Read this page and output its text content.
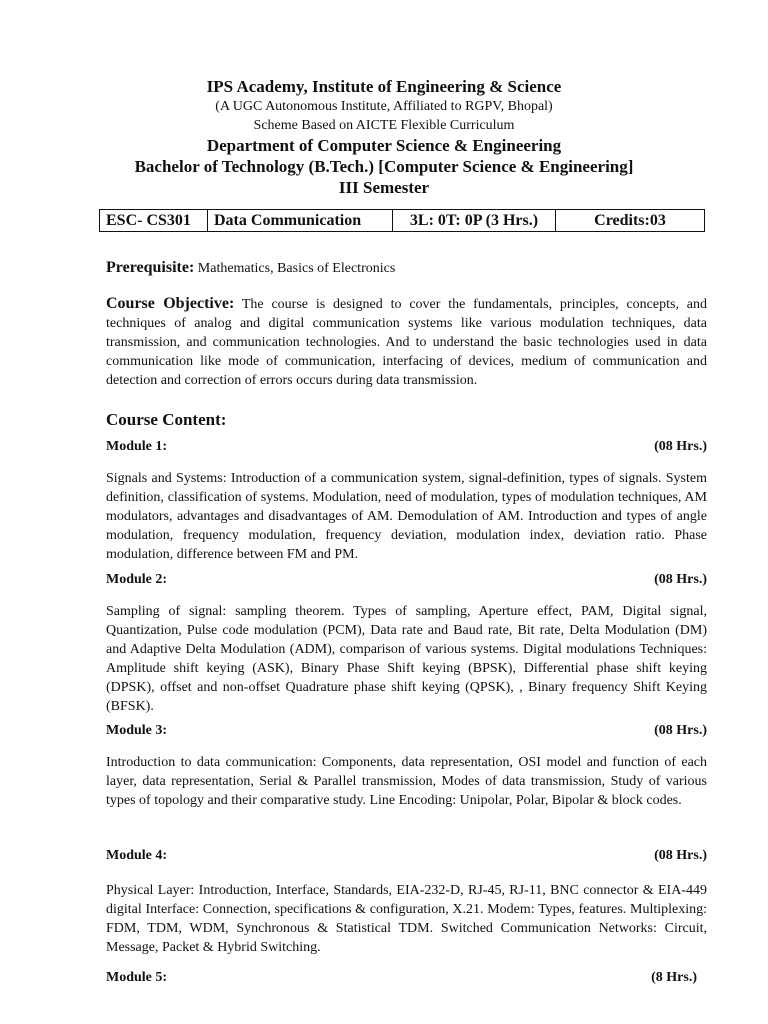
IPS Academy, Institute of Engineering & Science
(A UGC Autonomous Institute, Affiliated to RGPV, Bhopal)
Scheme Based on AICTE Flexible Curriculum
Department of Computer Science & Engineering
Bachelor of Technology (B.Tech.) [Computer Science & Engineering]
III Semester
ESC- CS301	Data Communication	3L: 0T: 0P (3 Hrs.)	Credits:03
Prerequisite: Mathematics, Basics of Electronics
Course Objective: The course is designed to cover the fundamentals, principles, concepts, and techniques of analog and digital communication systems like various modulation techniques, data transmission, and communication technologies. And to understand the basic technologies used in data communication like mode of communication, interfacing of devices, medium of communication and detection and correction of errors occurs during data transmission.
Course Content:
Module 1:	(08 Hrs.)
Signals and Systems: Introduction of a communication system, signal-definition, types of signals. System definition, classification of systems. Modulation, need of modulation, types of modulation techniques, AM modulators, advantages and disadvantages of AM. Demodulation of AM. Introduction and types of angle modulation, frequency modulation, frequency deviation, modulation index, deviation ratio. Phase modulation, difference between FM and PM.
Module 2:	(08 Hrs.)
Sampling of signal: sampling theorem. Types of sampling, Aperture effect, PAM, Digital signal, Quantization, Pulse code modulation (PCM), Data rate and Baud rate, Bit rate, Delta Modulation (DM) and Adaptive Delta Modulation (ADM), comparison of various systems. Digital modulations Techniques: Amplitude shift keying (ASK), Binary Phase Shift keying (BPSK), Differential phase shift keying (DPSK), offset and non-offset Quadrature phase shift keying (QPSK), , Binary frequency Shift Keying (BFSK).
Module 3:	(08 Hrs.)
Introduction to data communication: Components, data representation, OSI model and function of each layer, data representation, Serial & Parallel transmission, Modes of data transmission, Study of various types of topology and their comparative study. Line Encoding: Unipolar, Polar, Bipolar & block codes.
Module 4:	(08 Hrs.)
Physical Layer: Introduction, Interface, Standards, EIA-232-D, RJ-45, RJ-11, BNC connector & EIA-449 digital Interface: Connection, specifications & configuration, X.21. Modem: Types, features. Multiplexing: FDM, TDM, WDM, Synchronous & Statistical TDM. Switched Communication Networks: Circuit, Message, Packet & Hybrid Switching.
Module 5:	(8 Hrs.)
